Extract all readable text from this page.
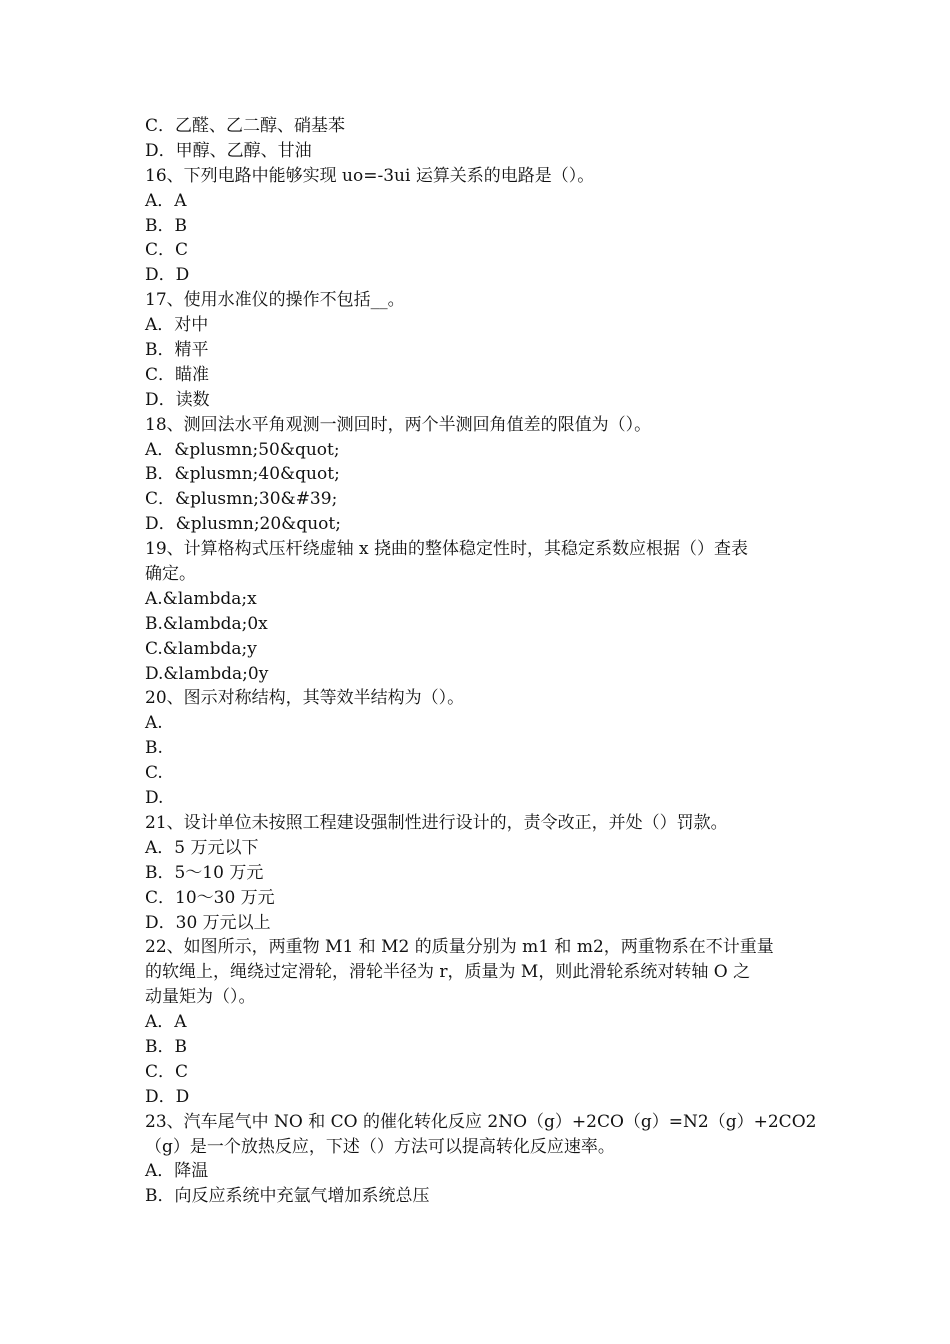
C．乙醛、乙二醇、硝基苯
D．甲醇、乙醇、甘油
16、下列电路中能够实现 uo=-3ui 运算关系的电路是（）。
A．A
B．B
C．C
D．D
17、使用水准仪的操作不包括__。
A．对中
B．精平
C．瞄准
D．读数
18、测回法水平角观测一测回时，两个半测回角值差的限值为（）。
A．&plusmn;50&quot;
B．&plusmn;40&quot;
C．&plusmn;30&#39;
D．&plusmn;20&quot;
19、计算格构式压杆绕虚轴 x 挠曲的整体稳定性时，其稳定系数应根据（）查表
确定。
A.&lambda;x
B.&lambda;0x
C.&lambda;y
D.&lambda;0y
20、图示对称结构，其等效半结构为（）。
A.
B.
C.
D.
21、设计单位未按照工程建设强制性进行设计的，责令改正，并处（）罚款。
A．5 万元以下
B．5～10 万元
C．10～30 万元
D．30 万元以上
22、如图所示，两重物 M1 和 M2 的质量分别为 m1 和 m2，两重物系在不计重量
的软绳上，绳绕过定滑轮，滑轮半径为 r，质量为 M，则此滑轮系统对转轴 O 之
动量矩为（）。
A．A
B．B
C．C
D．D
23、汽车尾气中 NO 和 CO 的催化转化反应 2NO（g）+2CO（g）=N2（g）+2CO2
（g）是一个放热反应，下述（）方法可以提高转化反应速率。
A．降温
B．向反应系统中充氩气增加系统总压
